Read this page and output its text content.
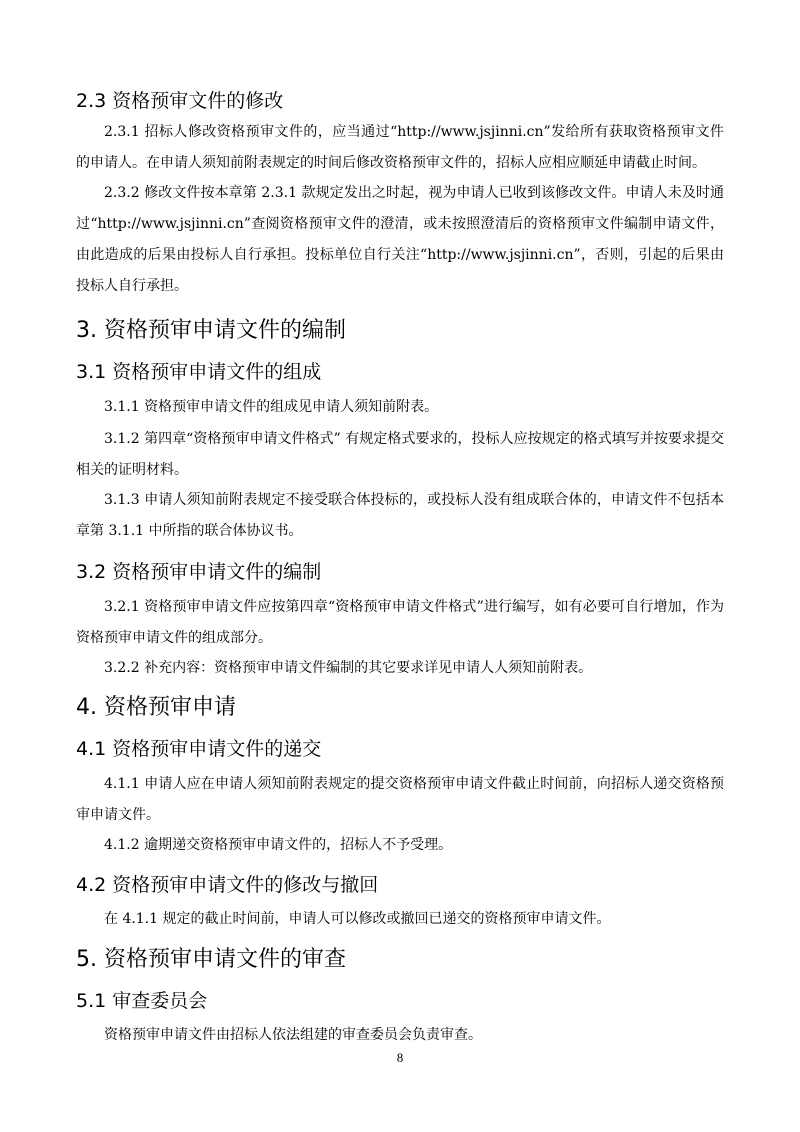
2.3 资格预审文件的修改
2.3.1 招标人修改资格预审文件的，应当通过“http://www.jsjinni.cn”发给所有获取资格预审文件的申请人。在申请人须知前附表规定的时间后修改资格预审文件的，招标人应相应顺延申请截止时间。
2.3.2 修改文件按本章第 2.3.1 款规定发出之时起，视为申请人已收到该修改文件。申请人未及时通过“http://www.jsjinni.cn”查阅资格预审文件的澄清，或未按照澄清后的资格预审文件编制申请文件，由此造成的后果由投标人自行承担。投标单位自行关注“http://www.jsjinni.cn”，否则，引起的后果由投标人自行承担。
3. 资格预审申请文件的编制
3.1 资格预审申请文件的组成
3.1.1 资格预审申请文件的组成见申请人须知前附表。
3.1.2 第四章“资格预审申请文件格式” 有规定格式要求的，投标人应按规定的格式填写并按要求提交相关的证明材料。
3.1.3 申请人须知前附表规定不接受联合体投标的，或投标人没有组成联合体的，申请文件不包括本章第 3.1.1 中所指的联合体协议书。
3.2 资格预审申请文件的编制
3.2.1 资格预审申请文件应按第四章“资格预审申请文件格式”进行编写，如有必要可自行增加，作为资格预审申请文件的组成部分。
3.2.2 补充内容：资格预审申请文件编制的其它要求详见申请人人须知前附表。
4. 资格预审申请
4.1 资格预审申请文件的递交
4.1.1 申请人应在申请人须知前附表规定的提交资格预审申请文件截止时间前，向招标人递交资格预审申请文件。
4.1.2 逾期递交资格预审申请文件的，招标人不予受理。
4.2 资格预审申请文件的修改与撤回
在 4.1.1 规定的截止时间前，申请人可以修改或撤回已递交的资格预审申请文件。
5. 资格预审申请文件的审查
5.1 审查委员会
资格预审申请文件由招标人依法组建的审查委员会负责审查。
8
